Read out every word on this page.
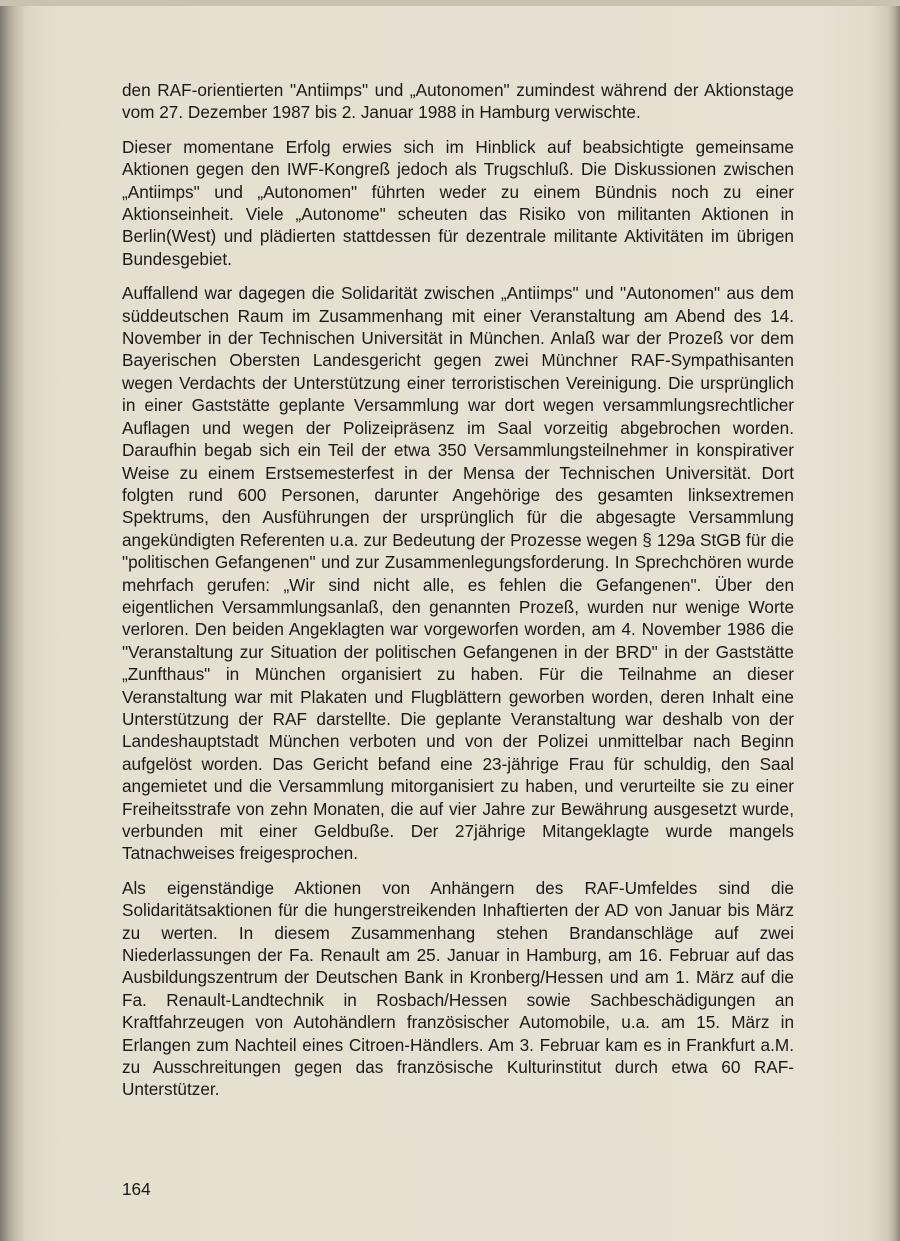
den RAF-orientierten "Antiimps" und „Autonomen" zumindest während der Aktionstage vom 27. Dezember 1987 bis 2. Januar 1988 in Hamburg verwischte.

Dieser momentane Erfolg erwies sich im Hinblick auf beabsichtigte gemeinsame Aktionen gegen den IWF-Kongreß jedoch als Trugschluß. Die Diskussionen zwischen „Antiimps" und „Autonomen" führten weder zu einem Bündnis noch zu einer Aktionseinheit. Viele „Autonome" scheuten das Risiko von militanten Aktionen in Berlin(West) und plädierten stattdessen für dezentrale militante Aktivitäten im übrigen Bundesgebiet.

Auffallend war dagegen die Solidarität zwischen „Antiimps" und "Autonomen" aus dem süddeutschen Raum im Zusammenhang mit einer Veranstaltung am Abend des 14. November in der Technischen Universität in München. Anlaß war der Prozeß vor dem Bayerischen Obersten Landesgericht gegen zwei Münchner RAF-Sympathisanten wegen Verdachts der Unterstützung einer terroristischen Vereinigung. Die ursprünglich in einer Gaststätte geplante Versammlung war dort wegen versammlungsrechtlicher Auflagen und wegen der Polizeipräsenz im Saal vorzeitig abgebrochen worden. Daraufhin begab sich ein Teil der etwa 350 Versammlungsteilnehmer in konspirativer Weise zu einem Erstsemesterfest in der Mensa der Technischen Universität. Dort folgten rund 600 Personen, darunter Angehörige des gesamten linksextremen Spektrums, den Ausführungen der ursprünglich für die abgesagte Versammlung angekündigten Referenten u.a. zur Bedeutung der Prozesse wegen § 129a StGB für die "politischen Gefangenen" und zur Zusammenlegungsforderung. In Sprechchören wurde mehrfach gerufen: „Wir sind nicht alle, es fehlen die Gefangenen". Über den eigentlichen Versammlungsanlaß, den genannten Prozeß, wurden nur wenige Worte verloren. Den beiden Angeklagten war vorgeworfen worden, am 4. November 1986 die "Veranstaltung zur Situation der politischen Gefangenen in der BRD" in der Gaststätte „Zunfthaus" in München organisiert zu haben. Für die Teilnahme an dieser Veranstaltung war mit Plakaten und Flugblättern geworben worden, deren Inhalt eine Unterstützung der RAF darstellte. Die geplante Veranstaltung war deshalb von der Landeshauptstadt München verboten und von der Polizei unmittelbar nach Beginn aufgelöst worden. Das Gericht befand eine 23-jährige Frau für schuldig, den Saal angemietet und die Versammlung mitorganisiert zu haben, und verurteilte sie zu einer Freiheitsstrafe von zehn Monaten, die auf vier Jahre zur Bewährung ausgesetzt wurde, verbunden mit einer Geldbuße. Der 27jährige Mitangeklagte wurde mangels Tatnachweises freigesprochen.

Als eigenständige Aktionen von Anhängern des RAF-Umfeldes sind die Solidaritätsaktionen für die hungerstreikenden Inhaftierten der AD von Januar bis März zu werten. In diesem Zusammenhang stehen Brandanschläge auf zwei Niederlassungen der Fa. Renault am 25. Januar in Hamburg, am 16. Februar auf das Ausbildungszentrum der Deutschen Bank in Kronberg/Hessen und am 1. März auf die Fa. Renault-Landtechnik in Rosbach/Hessen sowie Sachbeschädigungen an Kraftfahrzeugen von Autohändlern französischer Automobile, u.a. am 15. März in Erlangen zum Nachteil eines Citroen-Händlers. Am 3. Februar kam es in Frankfurt a.M. zu Ausschreitungen gegen das französische Kulturinstitut durch etwa 60 RAF-Unterstützer.

164
